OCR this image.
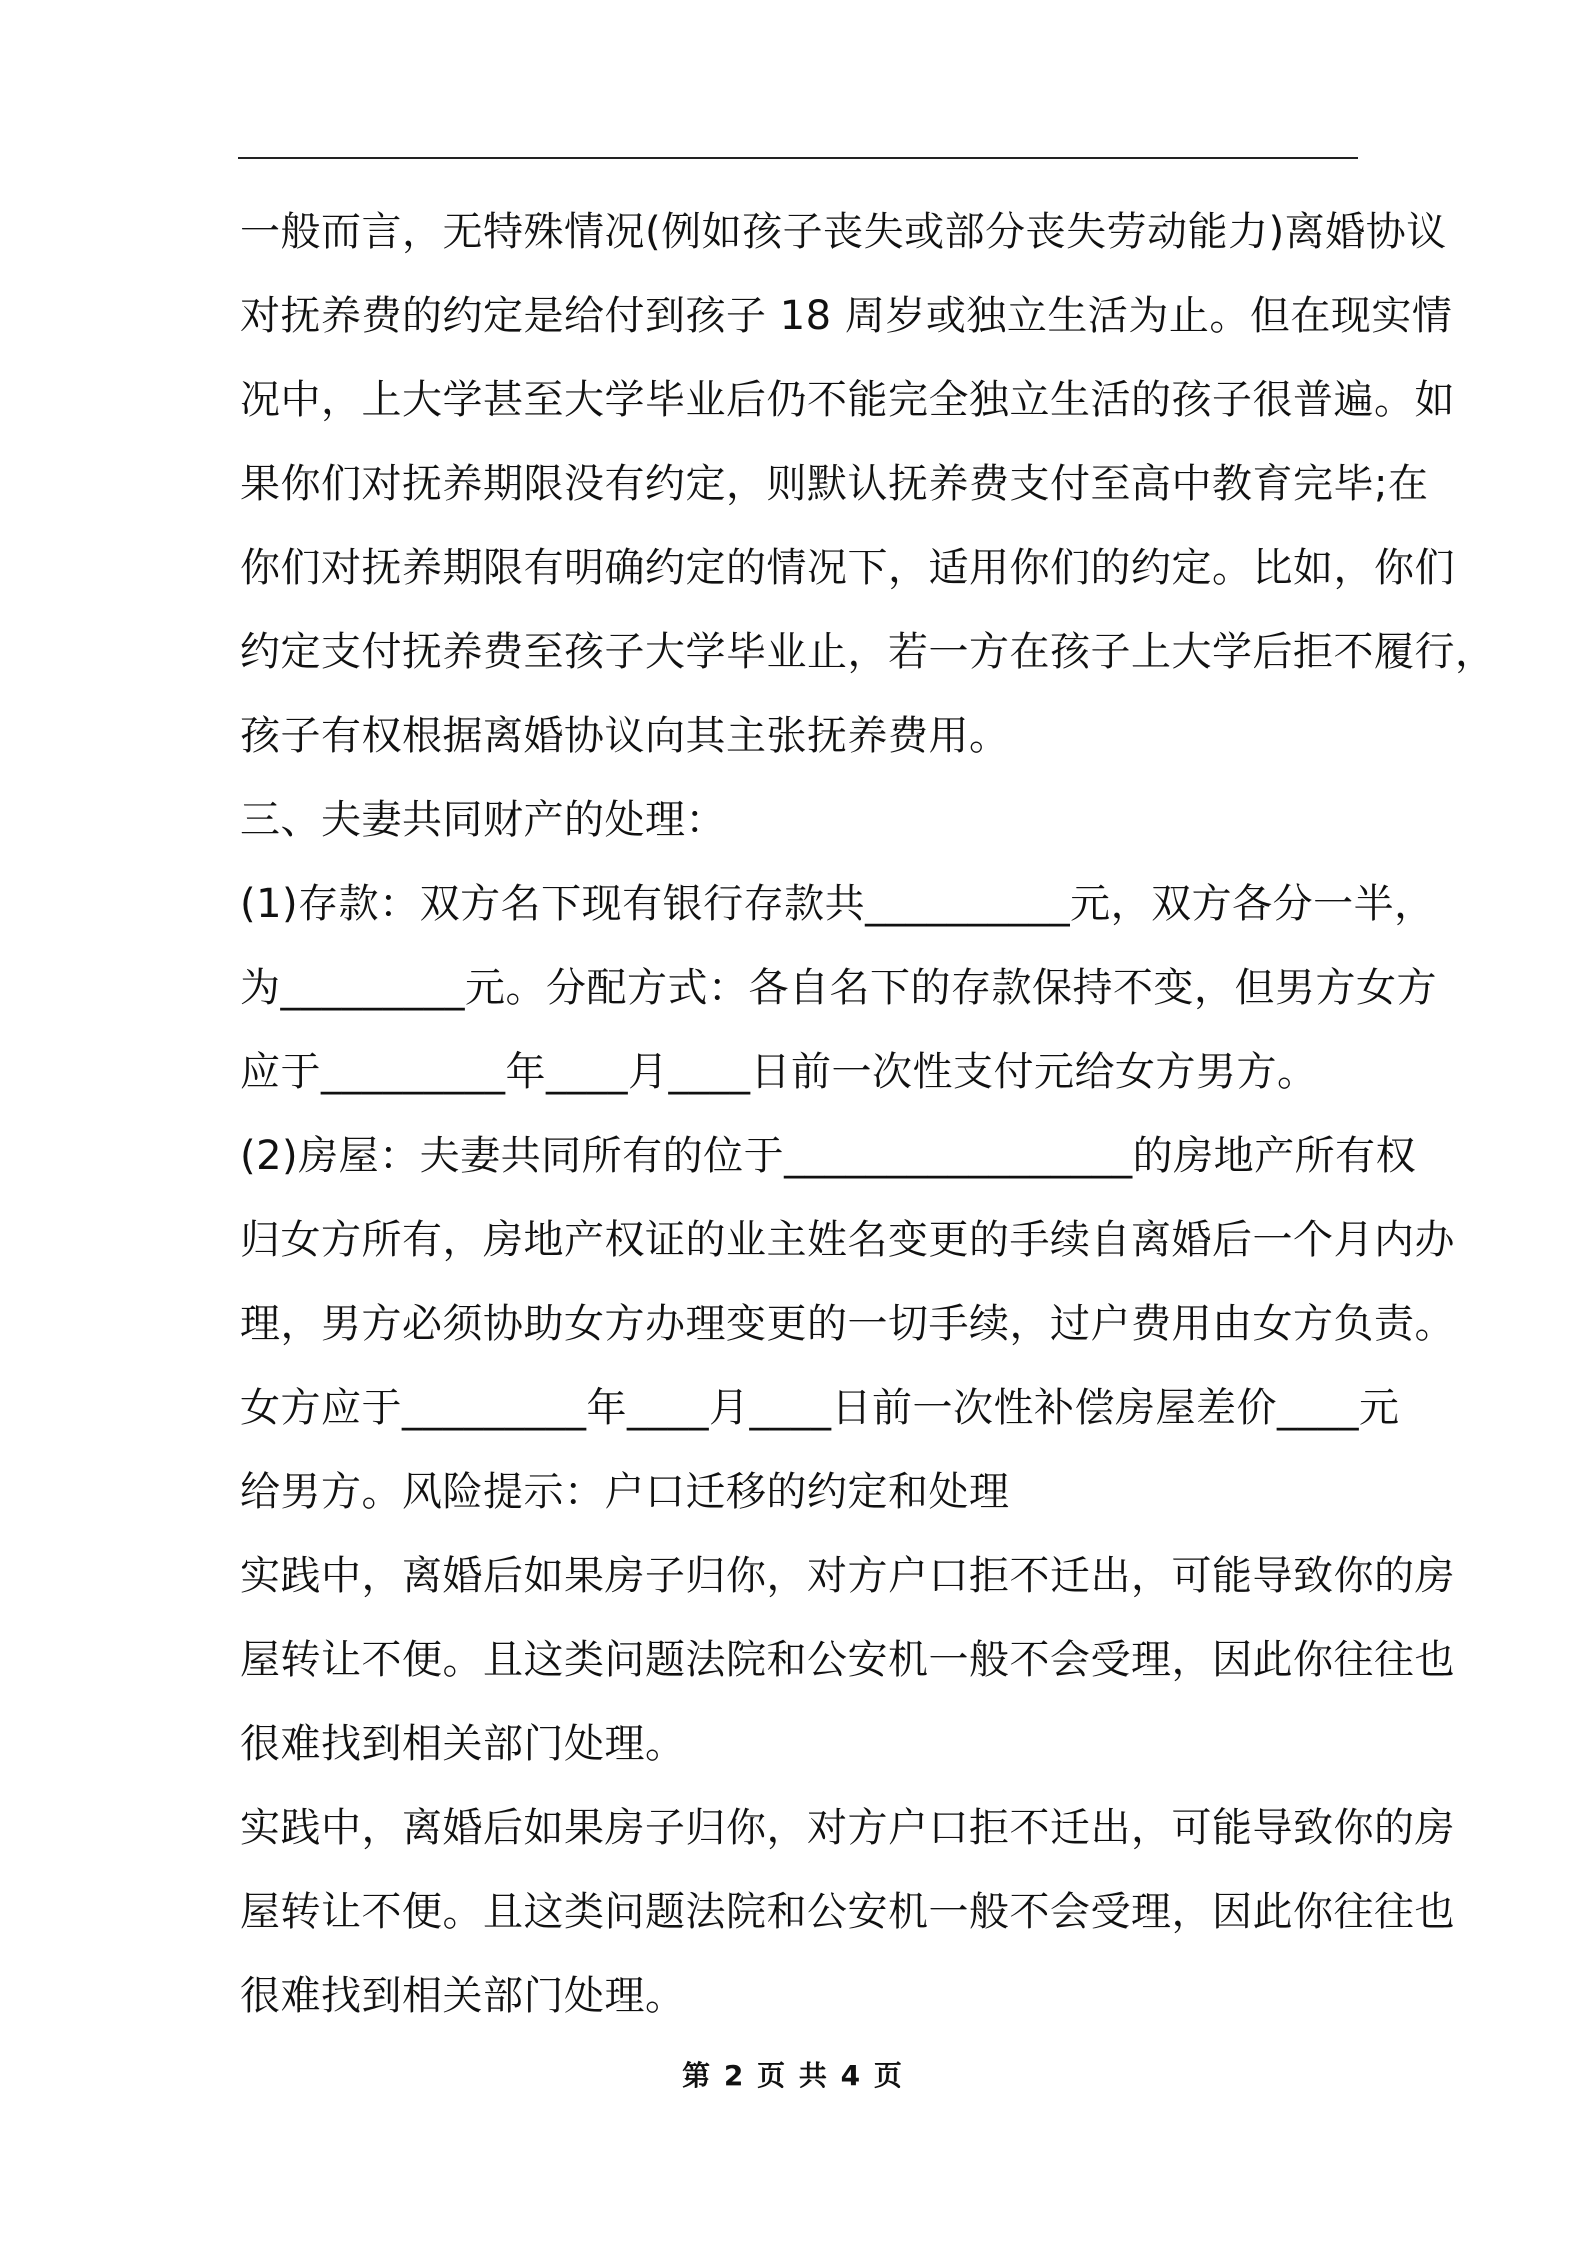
一般而言，无特殊情况(例如孩子丧失或部分丧失劳动能力)离婚协议
对抚养费的约定是给付到孩子 18 周岁或独立生活为止。但在现实情
况中，上大学甚至大学毕业后仍不能完全独立生活的孩子很普遍。如
果你们对抚养期限没有约定，则默认抚养费支付至高中教育完毕;在
你们对抚养期限有明确约定的情况下，适用你们的约定。比如，你们
约定支付抚养费至孩子大学毕业止，若一方在孩子上大学后拒不履行，
孩子有权根据离婚协议向其主张抚养费用。
三、夫妻共同财产的处理：
(1)存款：双方名下现有银行存款共__________元，双方各分一半，
为_________元。分配方式：各自名下的存款保持不变，但男方女方
应于_________年____月____日前一次性支付元给女方男方。
(2)房屋：夫妻共同所有的位于_________________的房地产所有权
归女方所有，房地产权证的业主姓名变更的手续自离婚后一个月内办
理，男方必须协助女方办理变更的一切手续，过户费用由女方负责。
女方应于_________年____月____日前一次性补偿房屋差价____元
给男方。风险提示：户口迁移的约定和处理
实践中，离婚后如果房子归你，对方户口拒不迁出，可能导致你的房
屋转让不便。且这类问题法院和公安机一般不会受理，因此你往往也
很难找到相关部门处理。
实践中，离婚后如果房子归你，对方户口拒不迁出，可能导致你的房
屋转让不便。且这类问题法院和公安机一般不会受理，因此你往往也
很难找到相关部门处理。
第 2 页 共 4 页
